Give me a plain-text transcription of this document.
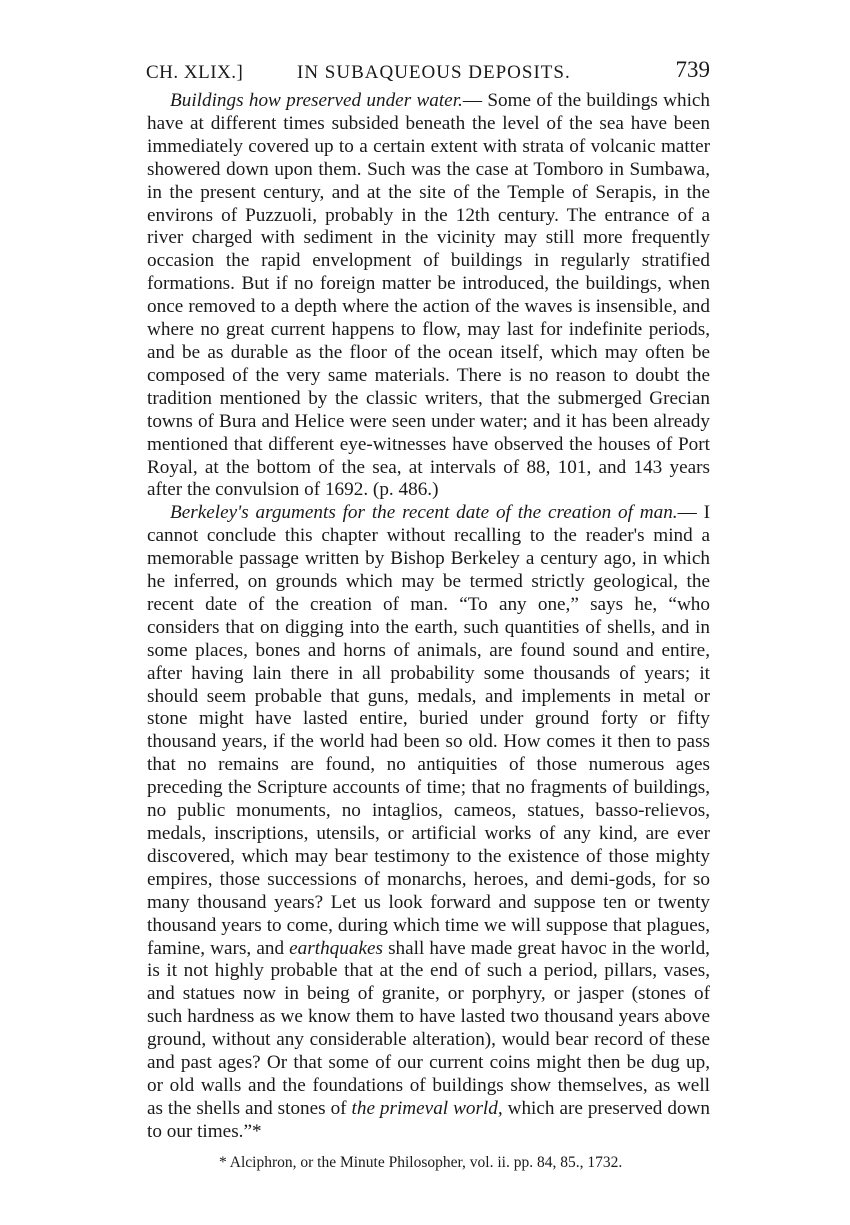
CH. XLIX.]	IN SUBAQUEOUS DEPOSITS.	739

Buildings how preserved under water.— Some of the buildings which have at different times subsided beneath the level of the sea have been immediately covered up to a certain extent with strata of volcanic matter showered down upon them. Such was the case at Tomboro in Sumbawa, in the present century, and at the site of the Temple of Serapis, in the environs of Puzzuoli, probably in the 12th century. The entrance of a river charged with sediment in the vicinity may still more frequently occasion the rapid envelopment of buildings in regularly stratified formations. But if no foreign matter be introduced, the buildings, when once removed to a depth where the action of the waves is insensible, and where no great current happens to flow, may last for indefinite periods, and be as durable as the floor of the ocean itself, which may often be composed of the very same materials. There is no reason to doubt the tradition mentioned by the classic writers, that the submerged Grecian towns of Bura and Helice were seen under water; and it has been already mentioned that different eye-witnesses have observed the houses of Port Royal, at the bottom of the sea, at intervals of 88, 101, and 143 years after the convulsion of 1692. (p. 486.)

Berkeley's arguments for the recent date of the creation of man.— I cannot conclude this chapter without recalling to the reader's mind a memorable passage written by Bishop Berkeley a century ago, in which he inferred, on grounds which may be termed strictly geological, the recent date of the creation of man. “To any one,” says he, “who considers that on digging into the earth, such quantities of shells, and in some places, bones and horns of animals, are found sound and entire, after having lain there in all probability some thousands of years; it should seem probable that guns, medals, and implements in metal or stone might have lasted entire, buried under ground forty or fifty thousand years, if the world had been so old. How comes it then to pass that no remains are found, no antiquities of those numerous ages preceding the Scripture accounts of time; that no fragments of buildings, no public monuments, no intaglios, cameos, statues, basso-relievos, medals, inscriptions, utensils, or artificial works of any kind, are ever discovered, which may bear testimony to the existence of those mighty empires, those successions of monarchs, heroes, and demi-gods, for so many thousand years? Let us look forward and suppose ten or twenty thousand years to come, during which time we will suppose that plagues, famine, wars, and earthquakes shall have made great havoc in the world, is it not highly probable that at the end of such a period, pillars, vases, and statues now in being of granite, or porphyry, or jasper (stones of such hardness as we know them to have lasted two thousand years above ground, without any considerable alteration), would bear record of these and past ages? Or that some of our current coins might then be dug up, or old walls and the foundations of buildings show themselves, as well as the shells and stones of the primeval world, which are preserved down to our times.”*

* Alciphron, or the Minute Philosopher, vol. ii. pp. 84, 85., 1732.
